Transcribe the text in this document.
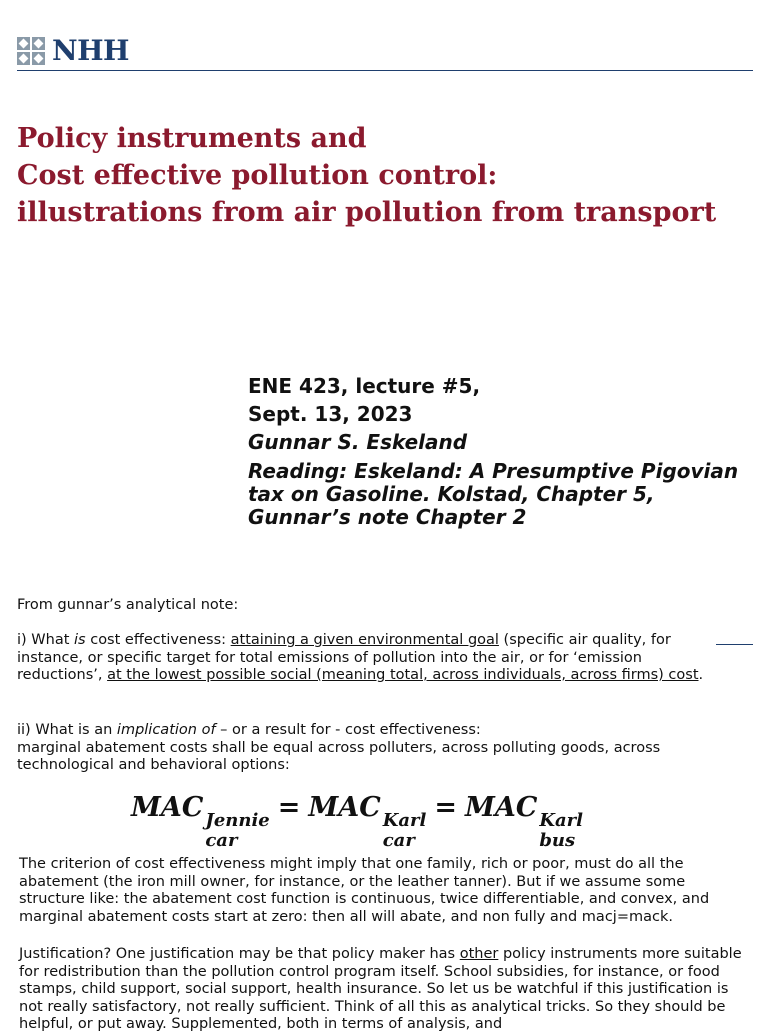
NHH
Policy instruments and
Cost effective pollution control:
illustrations from air pollution from transport
ENE 423, lecture #5,
Sept. 13, 2023
Gunnar S. Eskeland
Reading: Eskeland: A Presumptive Pigovian tax on Gasoline. Kolstad, Chapter 5, Gunnar’s note Chapter 2
From gunnar’s analytical note:
i) What is cost effectiveness: attaining a given environmental goal (specific air quality, for instance, or specific target for total emissions of pollution into the air, or for ‘emission reductions’, at the lowest possible social (meaning total, across individuals, across firms) cost.
ii) What is an implication of – or a result for - cost effectiveness:
marginal abatement costs shall be equal across polluters, across polluting goods, across technological and behavioral options:
MAC Jennie
car
= MAC Karl
car
= MAC Karl
bus
The criterion of cost effectiveness might imply that one family, rich or poor, must do all the abatement (the iron mill owner, for instance, or the leather tanner). But if we assume some structure like: the abatement cost function is continuous, twice differentiable, and convex, and marginal abatement costs start at zero: then all will abate, and non fully and macj=mack.
Justification? One justification may be that policy maker has other policy instruments more suitable for redistribution than the pollution control program itself. School subsidies, for instance, or food stamps, child support, social support, health insurance. So let us be watchful if this justification is not really satisfactory, not really sufficient. Think of all this as analytical tricks. So they should be helpful, or put away. Supplemented, both in terms of analysis, and
